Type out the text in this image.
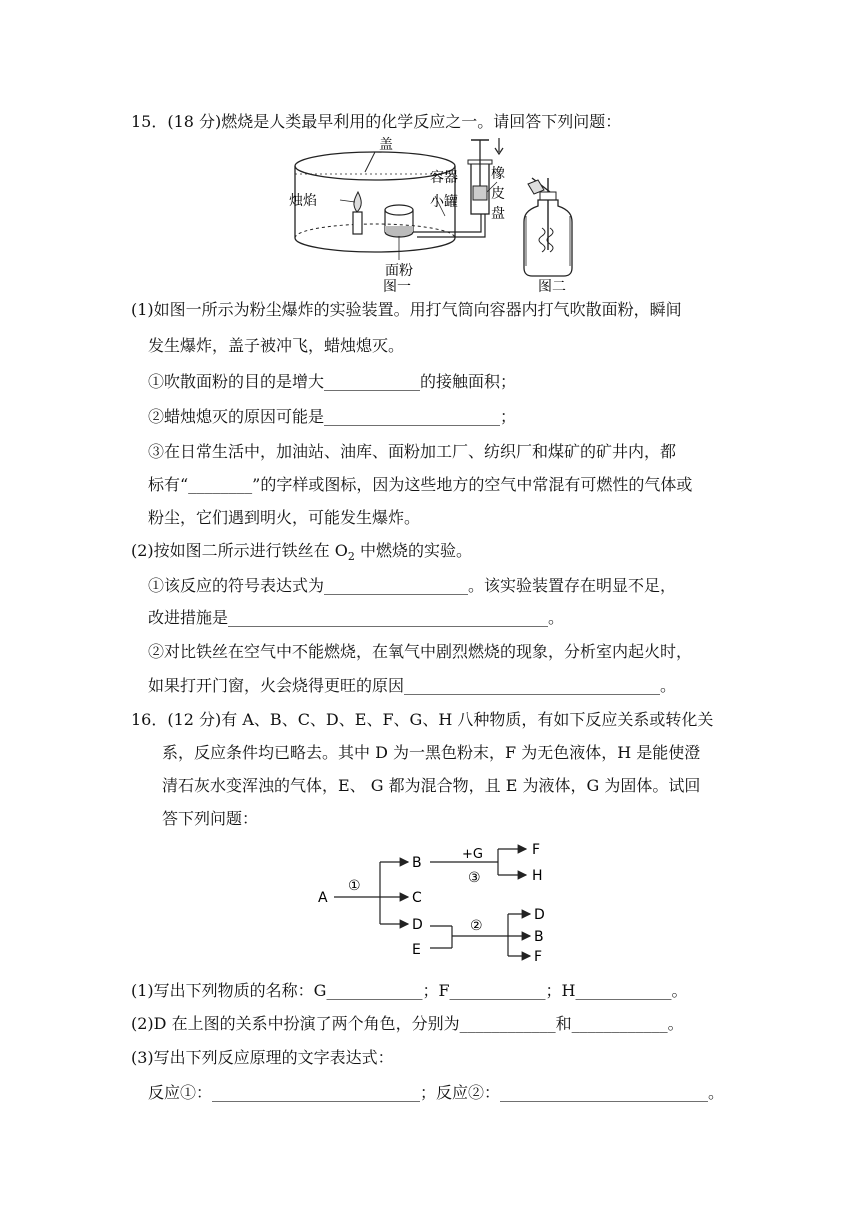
15．(18 分)燃烧是人类最早利用的化学反应之一。请回答下列问题：
盖
容器
烛焰	小罐
面粉
橡
皮
盘
图一	图二
(1)如图一所示为粉尘爆炸的实验装置。用打气筒向容器内打气吹散面粉，瞬间
发生爆炸，盖子被冲飞，蜡烛熄灭。
①吹散面粉的目的是增大____________的接触面积；
②蜡烛熄灭的原因可能是______________________；
③在日常生活中，加油站、油库、面粉加工厂、纺织厂和煤矿的矿井内，都
标有“________”的字样或图标，因为这些地方的空气中常混有可燃性的气体或
粉尘，它们遇到明火，可能发生爆炸。
(2)按如图二所示进行铁丝在 $O_2$ 中燃烧的实验。
①该反应的符号表达式为__________________。该实验装置存在明显不足，
改进措施是________________________________________。
②对比铁丝在空气中不能燃烧，在氧气中剧烈燃烧的现象，分析室内起火时，
如果打开门窗，火会烧得更旺的原因________________________________。
16．(12 分)有 A、B、C、D、E、F、G、H 八种物质，有如下反应关系或转化关
系，反应条件均已略去。其中 D 为一黑色粉末，F 为无色液体，H 是能使澄
清石灰水变浑浊的气体，E、 G 都为混合物，且 E 为液体，G 为固体。试回
答下列问题：
A
①
B
C
D
E
+G
③
②
F
H
D
B
F
(1)写出下列物质的名称：G____________；F____________；H____________。
(2)D 在上图的关系中扮演了两个角色，分别为____________和____________。
(3)写出下列反应原理的文字表达式：
反应①：__________________________；反应②：__________________________。
